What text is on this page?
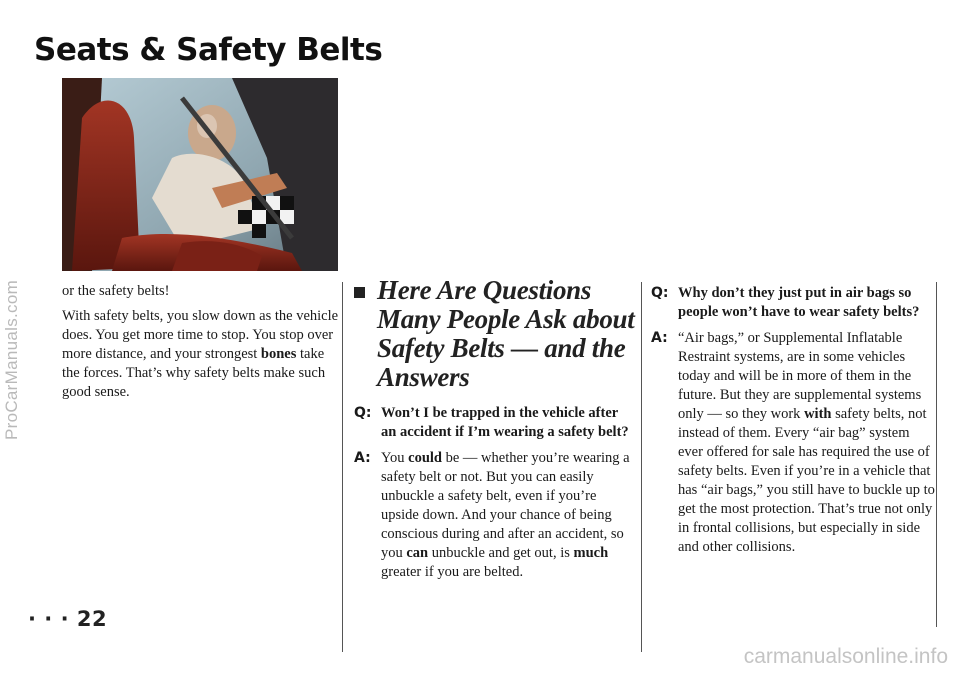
ProCarManuals.com
Seats & Safety Belts

or the safety belts!

With safety belts, you slow down as the vehicle does. You get more time to stop. You stop over more distance, and your strongest bones take the forces. That’s why safety belts make such good sense.

Here Are Questions Many People Ask about Safety Belts — and the Answers
Q: Won’t I be trapped in the vehicle after an accident if I’m wearing a safety belt?
A: You could be — whether you’re wearing a safety belt or not. But you can easily unbuckle a safety belt, even if you’re upside down. And your chance of being conscious during and after an accident, so you can unbuckle and get out, is much greater if you are belted.
Q: Why don’t they just put in air bags so people won’t have to wear safety belts?
A: “Air bags,” or Supplemental Inflatable Restraint systems, are in some vehicles today and will be in more of them in the future. But they are supplemental systems only — so they work with safety belts, not instead of them. Every “air bag” system ever offered for sale has required the use of safety belts. Even if you’re in a vehicle that has “air bags,” you still have to buckle up to get the most protection. That’s true not only in frontal collisions, but especially in side and other collisions.
· · · 22
carmanualsonline.info
